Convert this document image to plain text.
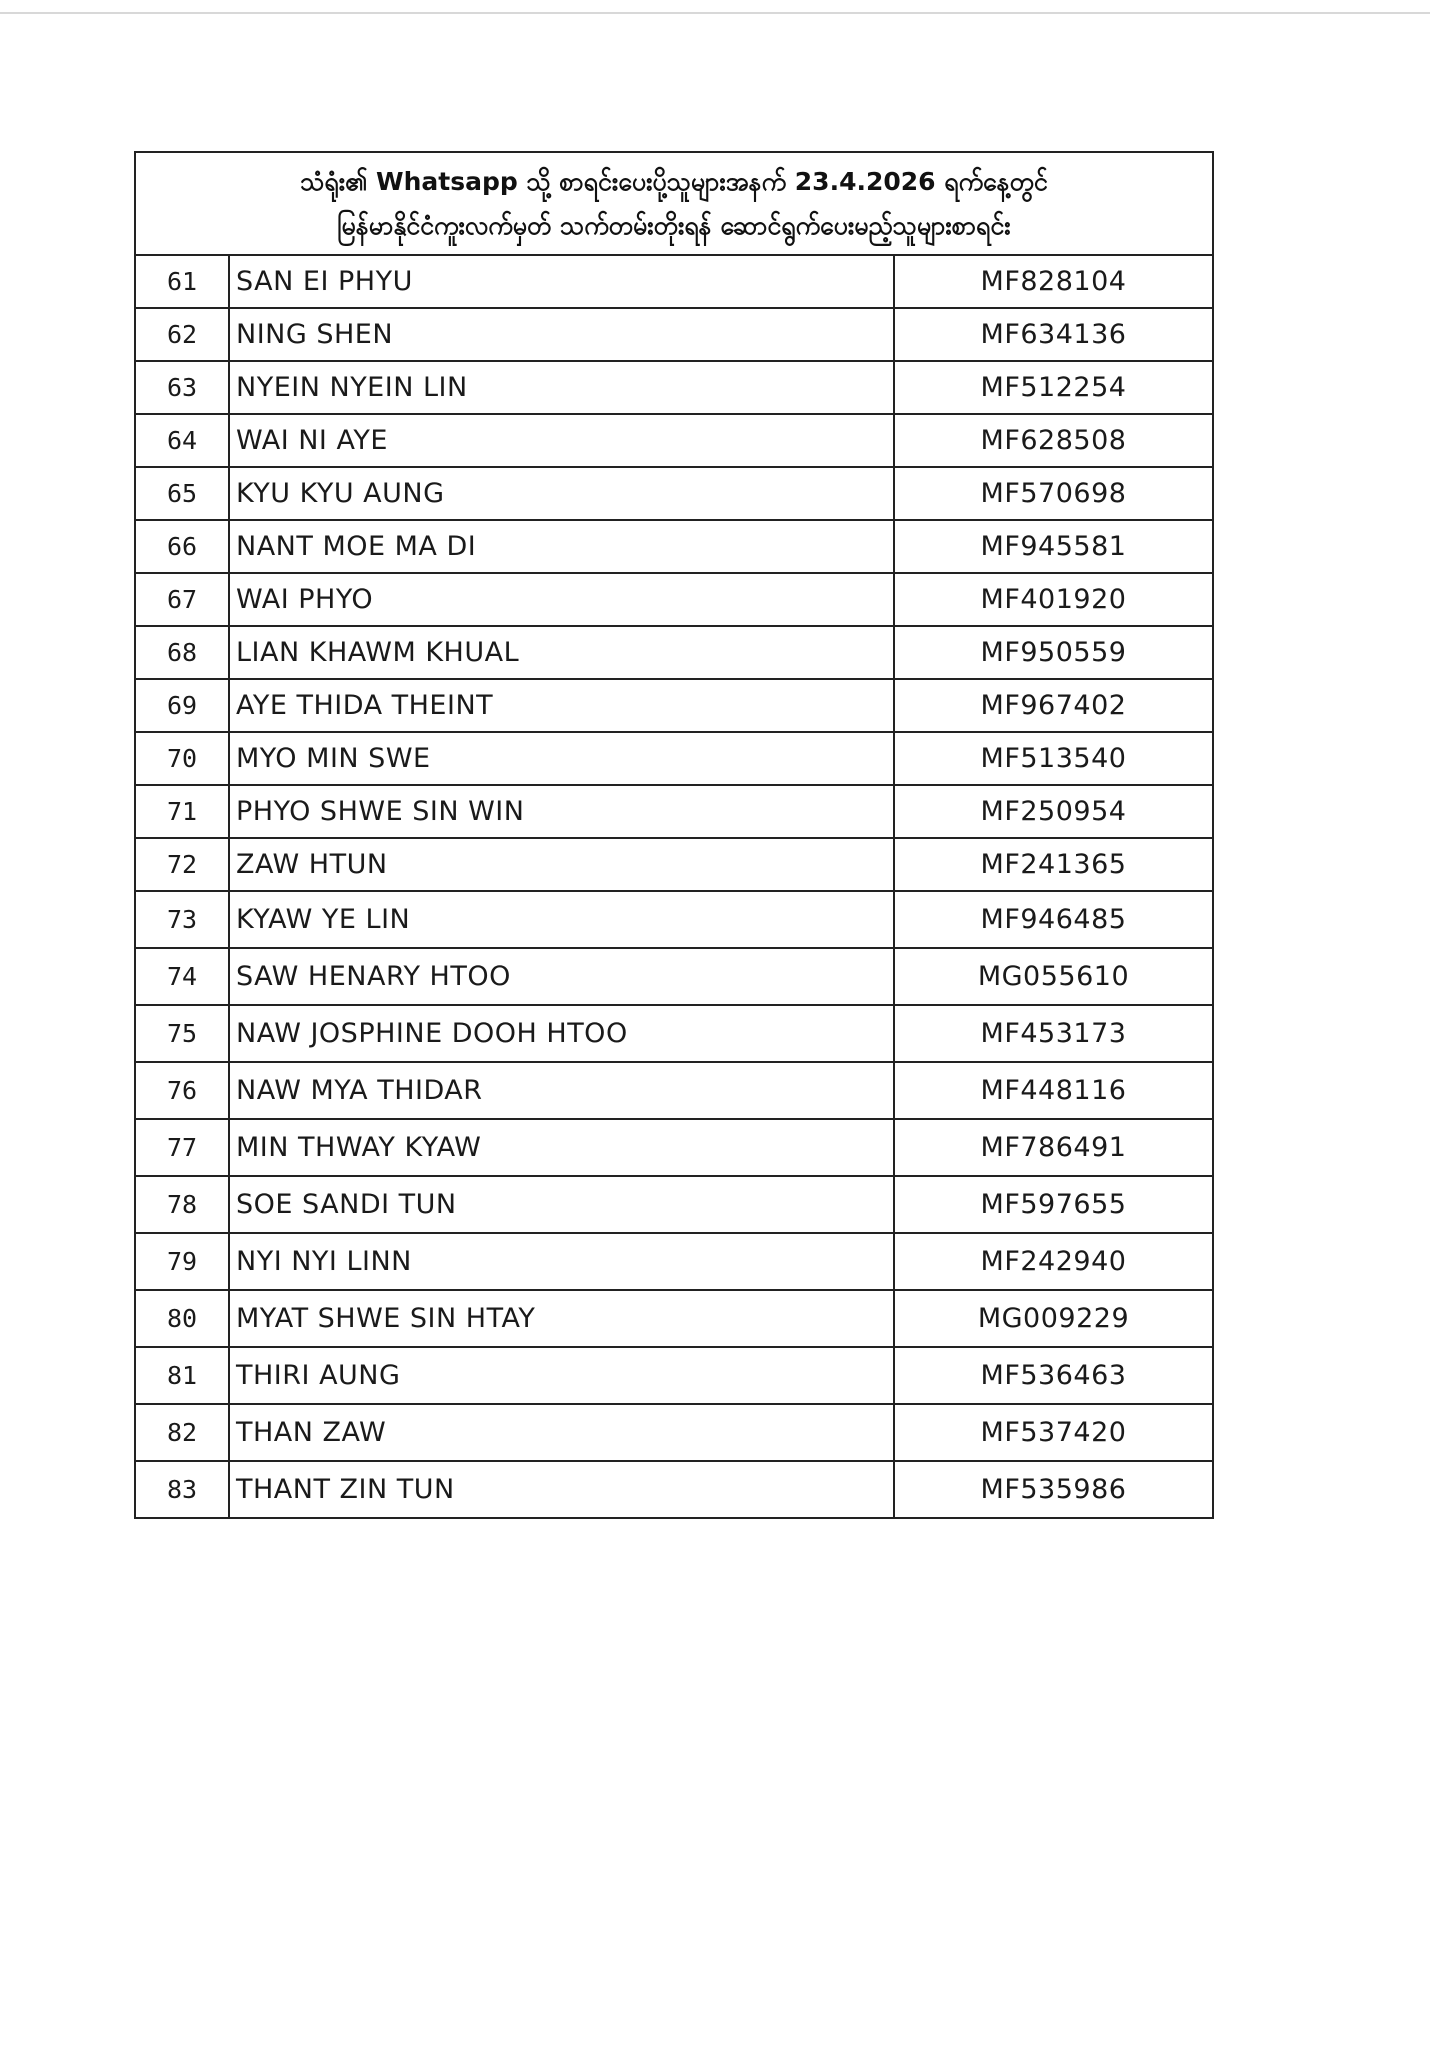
သံရုံး၏ Whatsapp သို့ စာရင်းပေးပို့သူများအနက် 23.4.2026 ရက်နေ့တွင်
မြန်မာနိုင်ငံကူးလက်မှတ် သက်တမ်းတိုးရန် ဆောင်ရွက်ပေးမည့်သူများစာရင်း		

61	SAN EI PHYU	MF828104
62	NING SHEN	MF634136
63	NYEIN NYEIN LIN	MF512254
64	WAI NI AYE	MF628508
65	KYU KYU AUNG	MF570698
66	NANT MOE MA DI	MF945581
67	WAI PHYO	MF401920
68	LIAN KHAWM KHUAL	MF950559
69	AYE THIDA THEINT	MF967402
70	MYO MIN SWE	MF513540
71	PHYO SHWE SIN WIN	MF250954
72	ZAW HTUN	MF241365
73	KYAW YE LIN	MF946485
74	SAW HENARY HTOO	MG055610
75	NAW JOSPHINE DOOH HTOO	MF453173
76	NAW MYA THIDAR	MF448116
77	MIN THWAY KYAW	MF786491
78	SOE SANDI TUN	MF597655
79	NYI NYI LINN	MF242940
80	MYAT SHWE SIN HTAY	MG009229
81	THIRI AUNG	MF536463
82	THAN ZAW	MF537420
83	THANT ZIN TUN	MF535986
